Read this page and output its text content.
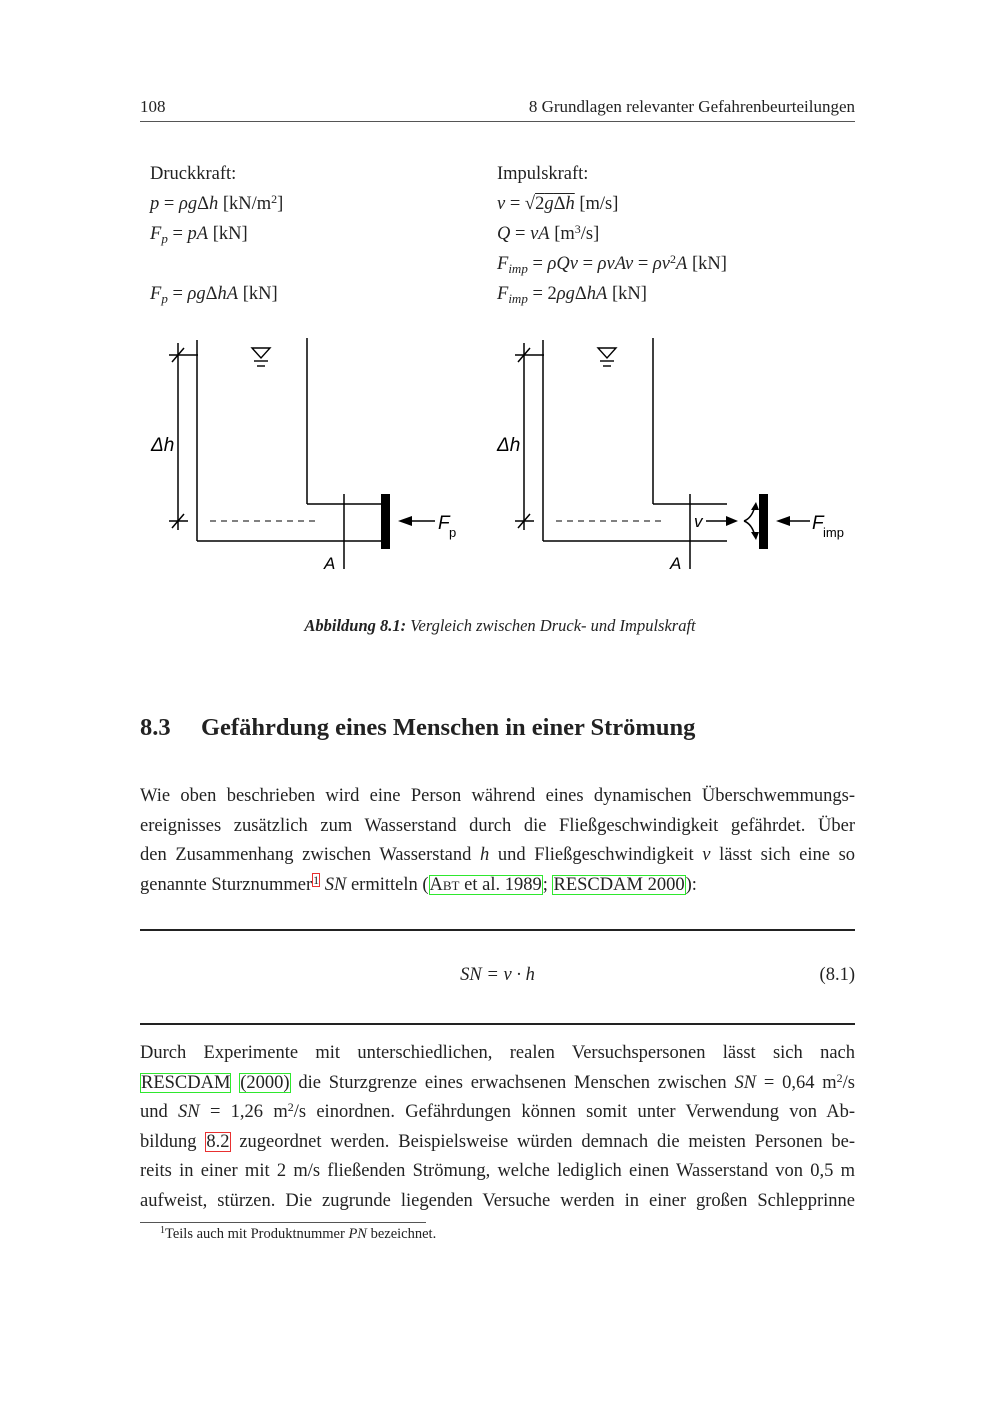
108	8 Grundlagen relevanter Gefahrenbeurteilungen
Druckkraft:
p = ρgΔh $[kN/m^2]$
$F_p$ = pA [kN]
$F_p = \rho g\Delta hA$ [kN]
Impulskraft:
v = √2gΔh [m/s]
Q = vA $[m^3/s]$
$F_{imp} = \rho Qv = \rho vAv = \rho v^2A$ [kN]
$F_{imp} = 2\rho g\Delta hA$ [kN]
Δh
A
F p
Δh
A
v	F imp
Abbildung 8.1: Vergleich zwischen Druck- und Impulskraft
8.3 Gefährdung eines Menschen in einer Strömung
Wie oben beschrieben wird eine Person während eines dynamischen Überschwemmungs-
ereignisses zusätzlich zum Wasserstand durch die Fließgeschwindigkeit gefährdet. Über
den Zusammenhang zwischen Wasserstand h und Fließgeschwindigkeit v lässt sich eine so
genannte Sturznummer$^1$ SN ermitteln (Abt et al. 1989; RESCDAM 2000):
SN = v · h	(8.1)
Durch Experimente mit unterschiedlichen, realen Versuchspersonen lässt sich nach
RESCDAM (2000) die Sturzgrenze eines erwachsenen Menschen zwischen SN = 0,64 $m^2/s$
und SN = 1,26 $m^2/s$ einordnen. Gefährdungen können somit unter Verwendung von Ab-
bildung 8.2 zugeordnet werden. Beispielsweise würden demnach die meisten Personen be-
reits in einer mit 2 m/s fließenden Strömung, welche lediglich einen Wasserstand von 0,5 m
aufweist, stürzen. Die zugrunde liegenden Versuche werden in einer großen Schlepprinne
$^1$Teils auch mit Produktnummer PN bezeichnet.
